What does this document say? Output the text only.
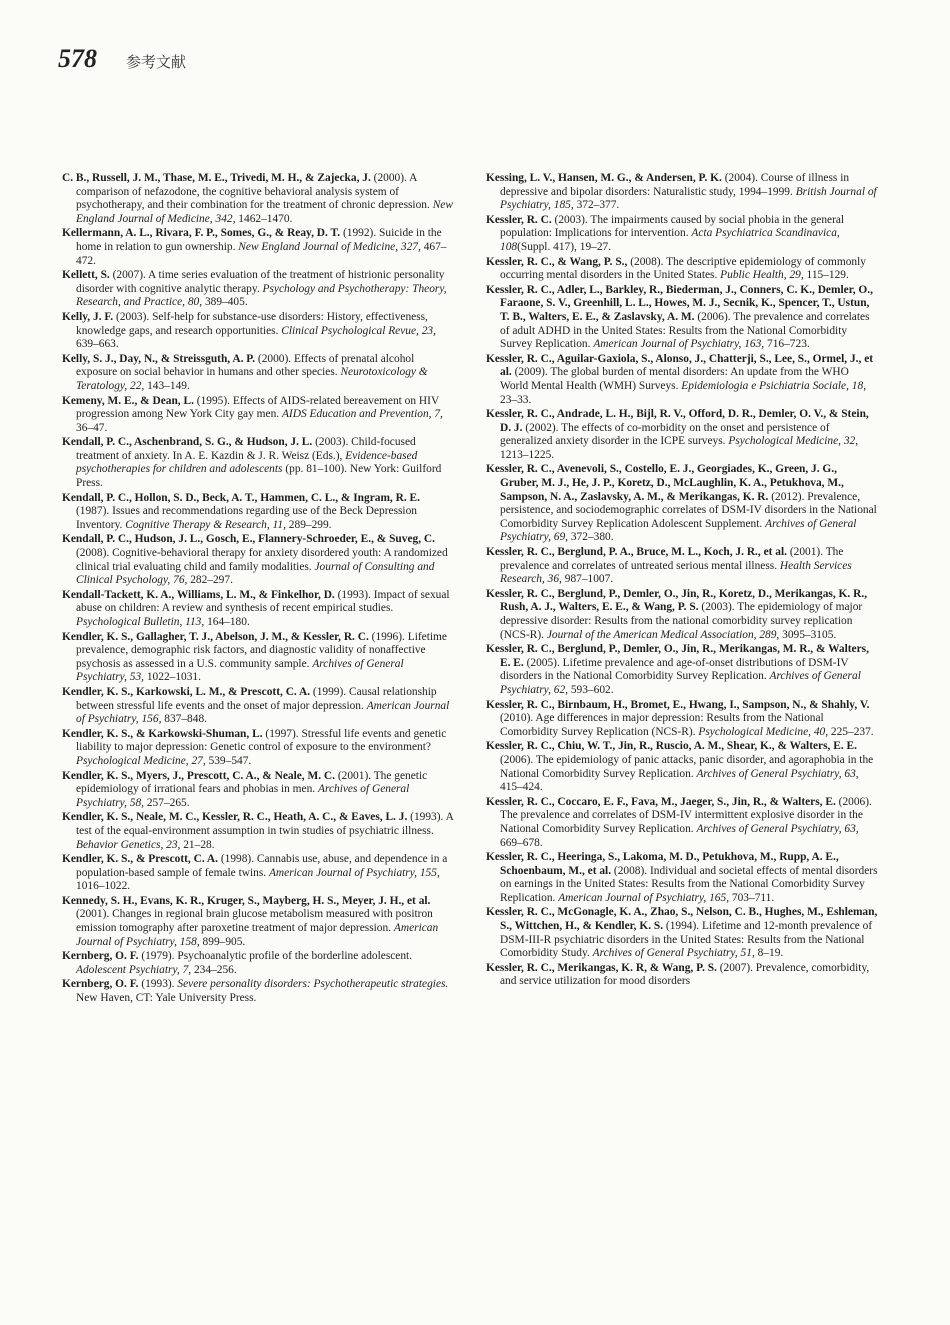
578 参考文献

C. B., Russell, J. M., Thase, M. E., Trivedi, M. H., & Zajecka, J. (2000). A comparison of nefazodone, the cognitive behavioral analysis system of psychotherapy, and their combination for the treatment of chronic depression. New England Journal of Medicine, 342, 1462–1470.

Kellermann, A. L., Rivara, F. P., Somes, G., & Reay, D. T. (1992). Suicide in the home in relation to gun ownership. New England Journal of Medicine, 327, 467–472.

Kellett, S. (2007). A time series evaluation of the treatment of histrionic personality disorder with cognitive analytic therapy. Psychology and Psychotherapy: Theory, Research, and Practice, 80, 389–405.

Kelly, J. F. (2003). Self-help for substance-use disorders: History, effectiveness, knowledge gaps, and research opportunities. Clinical Psychological Revue, 23, 639–663.

Kelly, S. J., Day, N., & Streissguth, A. P. (2000). Effects of prenatal alcohol exposure on social behavior in humans and other species. Neurotoxicology & Teratology, 22, 143–149.

Kemeny, M. E., & Dean, L. (1995). Effects of AIDS-related bereavement on HIV progression among New York City gay men. AIDS Education and Prevention, 7, 36–47.

Kendall, P. C., Aschenbrand, S. G., & Hudson, J. L. (2003). Child-focused treatment of anxiety. In A. E. Kazdin & J. R. Weisz (Eds.), Evidence-based psychotherapies for children and adolescents (pp. 81–100). New York: Guilford Press.

Kendall, P. C., Hollon, S. D., Beck, A. T., Hammen, C. L., & Ingram, R. E. (1987). Issues and recommendations regarding use of the Beck Depression Inventory. Cognitive Therapy & Research, 11, 289–299.

Kendall, P. C., Hudson, J. L., Gosch, E., Flannery-Schroeder, E., & Suveg, C. (2008). Cognitive-behavioral therapy for anxiety disordered youth: A randomized clinical trial evaluating child and family modalities. Journal of Consulting and Clinical Psychology, 76, 282–297.

Kendall-Tackett, K. A., Williams, L. M., & Finkelhor, D. (1993). Impact of sexual abuse on children: A review and synthesis of recent empirical studies. Psychological Bulletin, 113, 164–180.

Kendler, K. S., Gallagher, T. J., Abelson, J. M., & Kessler, R. C. (1996). Lifetime prevalence, demographic risk factors, and diagnostic validity of nonaffective psychosis as assessed in a U.S. community sample. Archives of General Psychiatry, 53, 1022–1031.

Kendler, K. S., Karkowski, L. M., & Prescott, C. A. (1999). Causal relationship between stressful life events and the onset of major depression. American Journal of Psychiatry, 156, 837–848.

Kendler, K. S., & Karkowski-Shuman, L. (1997). Stressful life events and genetic liability to major depression: Genetic control of exposure to the environment? Psychological Medicine, 27, 539–547.

Kendler, K. S., Myers, J., Prescott, C. A., & Neale, M. C. (2001). The genetic epidemiology of irrational fears and phobias in men. Archives of General Psychiatry, 58, 257–265.

Kendler, K. S., Neale, M. C., Kessler, R. C., Heath, A. C., & Eaves, L. J. (1993). A test of the equal-environment assumption in twin studies of psychiatric illness. Behavior Genetics, 23, 21–28.

Kendler, K. S., & Prescott, C. A. (1998). Cannabis use, abuse, and dependence in a population-based sample of female twins. American Journal of Psychiatry, 155, 1016–1022.

Kennedy, S. H., Evans, K. R., Kruger, S., Mayberg, H. S., Meyer, J. H., et al. (2001). Changes in regional brain glucose metabolism measured with positron emission tomography after paroxetine treatment of major depression. American Journal of Psychiatry, 158, 899–905.

Kernberg, O. F. (1979). Psychoanalytic profile of the borderline adolescent. Adolescent Psychiatry, 7, 234–256.

Kernberg, O. F. (1993). Severe personality disorders: Psychotherapeutic strategies. New Haven, CT: Yale University Press.

Kessing, L. V., Hansen, M. G., & Andersen, P. K. (2004). Course of illness in depressive and bipolar disorders: Naturalistic study, 1994–1999. British Journal of Psychiatry, 185, 372–377.

Kessler, R. C. (2003). The impairments caused by social phobia in the general population: Implications for intervention. Acta Psychiatrica Scandinavica, 108(Suppl. 417), 19–27.

Kessler, R. C., & Wang, P. S., (2008). The descriptive epidemiology of commonly occurring mental disorders in the United States. Public Health, 29, 115–129.

Kessler, R. C., Adler, L., Barkley, R., Biederman, J., Conners, C. K., Demler, O., Faraone, S. V., Greenhill, L. L., Howes, M. J., Secnik, K., Spencer, T., Ustun, T. B., Walters, E. E., & Zaslavsky, A. M. (2006). The prevalence and correlates of adult ADHD in the United States: Results from the National Comorbidity Survey Replication. American Journal of Psychiatry, 163, 716–723.

Kessler, R. C., Aguilar-Gaxiola, S., Alonso, J., Chatterji, S., Lee, S., Ormel, J., et al. (2009). The global burden of mental disorders: An update from the WHO World Mental Health (WMH) Surveys. Epidemiologia e Psichiatria Sociale, 18, 23–33.

Kessler, R. C., Andrade, L. H., Bijl, R. V., Offord, D. R., Demler, O. V., & Stein, D. J. (2002). The effects of co-morbidity on the onset and persistence of generalized anxiety disorder in the ICPE surveys. Psychological Medicine, 32, 1213–1225.

Kessler, R. C., Avenevoli, S., Costello, E. J., Georgiades, K., Green, J. G., Gruber, M. J., He, J. P., Koretz, D., McLaughlin, K. A., Petukhova, M., Sampson, N. A., Zaslavsky, A. M., & Merikangas, K. R. (2012). Prevalence, persistence, and sociodemographic correlates of DSM-IV disorders in the National Comorbidity Survey Replication Adolescent Supplement. Archives of General Psychiatry, 69, 372–380.

Kessler, R. C., Berglund, P. A., Bruce, M. L., Koch, J. R., et al. (2001). The prevalence and correlates of untreated serious mental illness. Health Services Research, 36, 987–1007.

Kessler, R. C., Berglund, P., Demler, O., Jin, R., Koretz, D., Merikangas, K. R., Rush, A. J., Walters, E. E., & Wang, P. S. (2003). The epidemiology of major depressive disorder: Results from the national comorbidity survey replication (NCS-R). Journal of the American Medical Association, 289, 3095–3105.

Kessler, R. C., Berglund, P., Demler, O., Jin, R., Merikangas, M. R., & Walters, E. E. (2005). Lifetime prevalence and age-of-onset distributions of DSM-IV disorders in the National Comorbidity Survey Replication. Archives of General Psychiatry, 62, 593–602.

Kessler, R. C., Birnbaum, H., Bromet, E., Hwang, I., Sampson, N., & Shahly, V. (2010). Age differences in major depression: Results from the National Comorbidity Survey Replication (NCS-R). Psychological Medicine, 40, 225–237.

Kessler, R. C., Chiu, W. T., Jin, R., Ruscio, A. M., Shear, K., & Walters, E. E. (2006). The epidemiology of panic attacks, panic disorder, and agoraphobia in the National Comorbidity Survey Replication. Archives of General Psychiatry, 63, 415–424.

Kessler, R. C., Coccaro, E. F., Fava, M., Jaeger, S., Jin, R., & Walters, E. (2006). The prevalence and correlates of DSM-IV intermittent explosive disorder in the National Comorbidity Survey Replication. Archives of General Psychiatry, 63, 669–678.

Kessler, R. C., Heeringa, S., Lakoma, M. D., Petukhova, M., Rupp, A. E., Schoenbaum, M., et al. (2008). Individual and societal effects of mental disorders on earnings in the United States: Results from the National Comorbidity Survey Replication. American Journal of Psychiatry, 165, 703–711.

Kessler, R. C., McGonagle, K. A., Zhao, S., Nelson, C. B., Hughes, M., Eshleman, S., Wittchen, H., & Kendler, K. S. (1994). Lifetime and 12-month prevalence of DSM-III-R psychiatric disorders in the United States: Results from the National Comorbidity Study. Archives of General Psychiatry, 51, 8–19.

Kessler, R. C., Merikangas, K. R, & Wang, P. S. (2007). Prevalence, comorbidity, and service utilization for mood disorders
